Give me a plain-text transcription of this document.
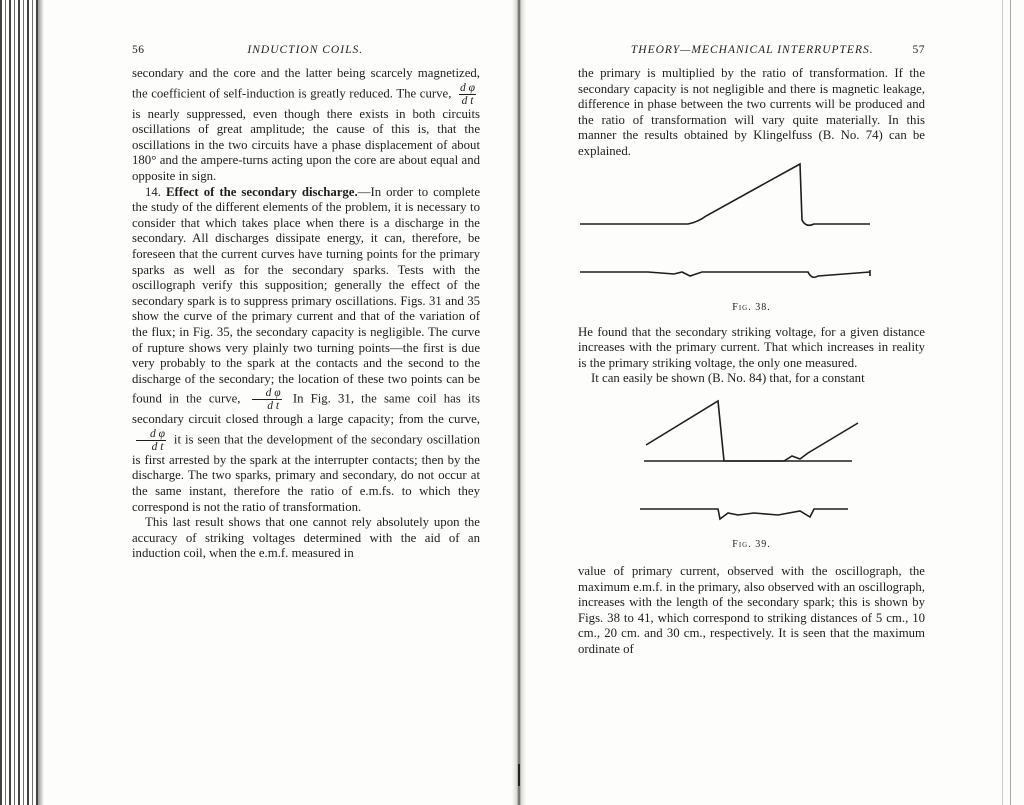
56	INDUCTION COILS.

secondary and the core and the latter being scarcely magnetized, the coefficient of self-induction is greatly reduced. The curve, $\frac{\text{d φ}}{\text{d t}}$
is nearly suppressed, even though there exists in both circuits oscillations of great amplitude; the cause of this is, that the oscillations in the two circuits have a phase displacement of about 180° and the ampere-turns acting upon the core are about equal and opposite in sign.

14. Effect of the secondary discharge.—In order to complete the study of the different elements of the problem, it is necessary to consider that which takes place when there is a discharge in the secondary. All discharges dissipate energy, it can, therefore, be foreseen that the current curves have turning points for the primary sparks as well as for the secondary sparks. Tests with the oscillograph verify this supposition; generally the effect of the secondary spark is to suppress primary oscillations. Figs. 31 and 35 show the curve of the primary current and that of the variation of the flux; in Fig. 35, the secondary capacity is negligible. The curve of rupture shows very plainly two turning points—the first is due very probably to the spark at the contacts and the second to the discharge of the secondary; the location of these two points can be found in the curve, $\frac{\text{d φ}}{\text{d t}}$ In Fig. 31, the same coil has its secondary circuit closed through a large capacity; from the curve,
$\frac{\text{d φ}}{\text{d t}}$ it is seen that the development of the secondary oscillation is first arrested by the spark at the interrupter contacts; then by the discharge. The two sparks, primary and secondary, do not occur at the same instant, therefore the ratio of e.m.fs. to which they correspond is not the ratio of transformation.

This last result shows that one cannot rely absolutely upon the accuracy of striking voltages determined with the aid of an induction coil, when the e.m.f. measured in

THEORY—MECHANICAL INTERRUPTERS.	57

the primary is multiplied by the ratio of transformation. If the secondary capacity is not negligible and there is magnetic leakage, difference in phase between the two currents will be produced and the ratio of transformation will vary quite materially. In this manner the results obtained by Klingelfuss (B. No. 74) can be explained.

Fig. 38.

He found that the secondary striking voltage, for a given distance increases with the primary current. That which increases in reality is the primary striking voltage, the only one measured.

It can easily be shown (B. No. 84) that, for a constant

Fig. 39.

value of primary current, observed with the oscillograph, the maximum e.m.f. in the primary, also observed with an oscillograph, increases with the length of the secondary spark; this is shown by Figs. 38 to 41, which correspond to striking distances of 5 cm., 10 cm., 20 cm. and 30 cm., respectively. It is seen that the maximum ordinate of
